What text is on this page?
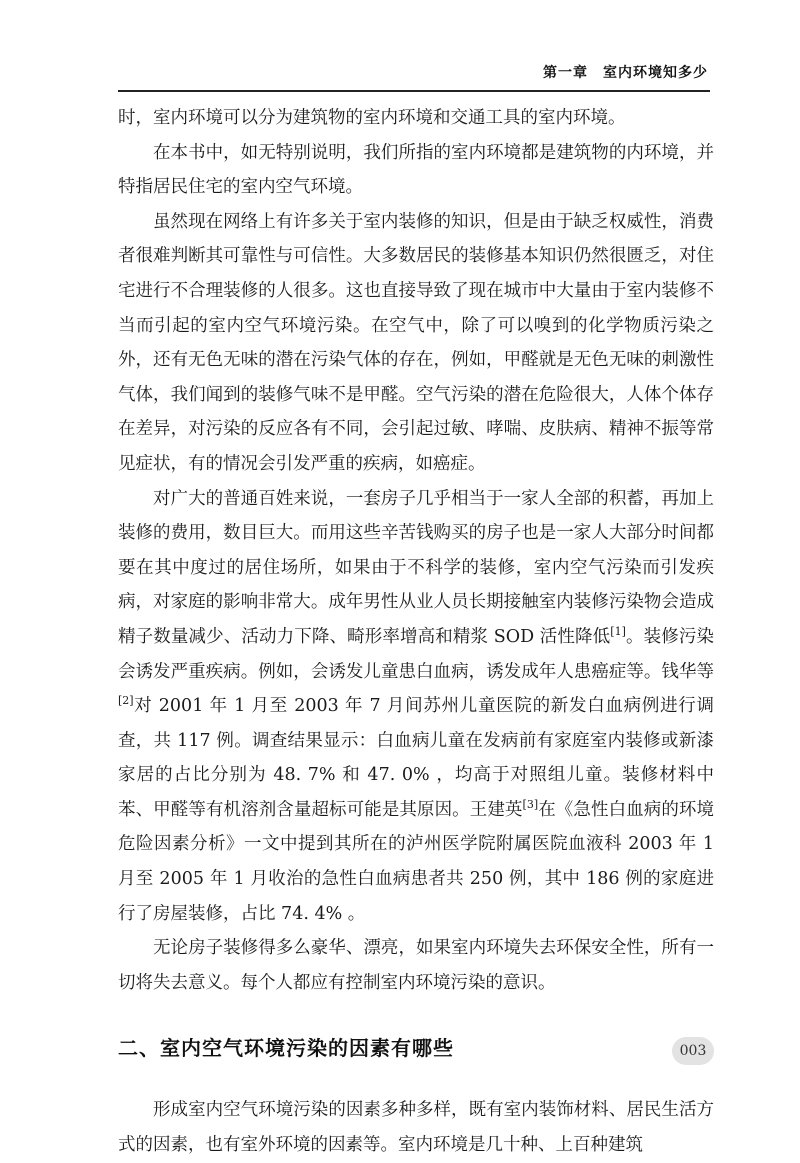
第一章　室内环境知多少

时，室内环境可以分为建筑物的室内环境和交通工具的室内环境。

在本书中，如无特别说明，我们所指的室内环境都是建筑物的内环境，并特指居民住宅的室内空气环境。

虽然现在网络上有许多关于室内装修的知识，但是由于缺乏权威性，消费者很难判断其可靠性与可信性。大多数居民的装修基本知识仍然很匮乏，对住宅进行不合理装修的人很多。这也直接导致了现在城市中大量由于室内装修不当而引起的室内空气环境污染。在空气中，除了可以嗅到的化学物质污染之外，还有无色无味的潜在污染气体的存在，例如，甲醛就是无色无味的刺激性气体，我们闻到的装修气味不是甲醛。空气污染的潜在危险很大，人体个体存在差异，对污染的反应各有不同，会引起过敏、哮喘、皮肤病、精神不振等常见症状，有的情况会引发严重的疾病，如癌症。

对广大的普通百姓来说，一套房子几乎相当于一家人全部的积蓄，再加上装修的费用，数目巨大。而用这些辛苦钱购买的房子也是一家人大部分时间都要在其中度过的居住场所，如果由于不科学的装修，室内空气污染而引发疾病，对家庭的影响非常大。成年男性从业人员长期接触室内装修污染物会造成精子数量减少、活动力下降、畸形率增高和精浆 SOD 活性降低[1]。装修污染会诱发严重疾病。例如，会诱发儿童患白血病，诱发成年人患癌症等。钱华等[2]对 2001 年 1 月至 2003 年 7 月间苏州儿童医院的新发白血病例进行调查，共 117 例。调查结果显示：白血病儿童在发病前有家庭室内装修或新漆家居的占比分别为 48. 7% 和 47. 0% ，均高于对照组儿童。装修材料中苯、甲醛等有机溶剂含量超标可能是其原因。王建英[3]在《急性白血病的环境危险因素分析》一文中提到其所在的泸州医学院附属医院血液科 2003 年 1 月至 2005 年 1 月收治的急性白血病患者共 250 例，其中 186 例的家庭进行了房屋装修，占比 74. 4% 。

无论房子装修得多么豪华、漂亮，如果室内环境失去环保安全性，所有一切将失去意义。每个人都应有控制室内环境污染的意识。

二、室内空气环境污染的因素有哪些

形成室内空气环境污染的因素多种多样，既有室内装饰材料、居民生活方式的因素，也有室外环境的因素等。室内环境是几十种、上百种建筑

003
